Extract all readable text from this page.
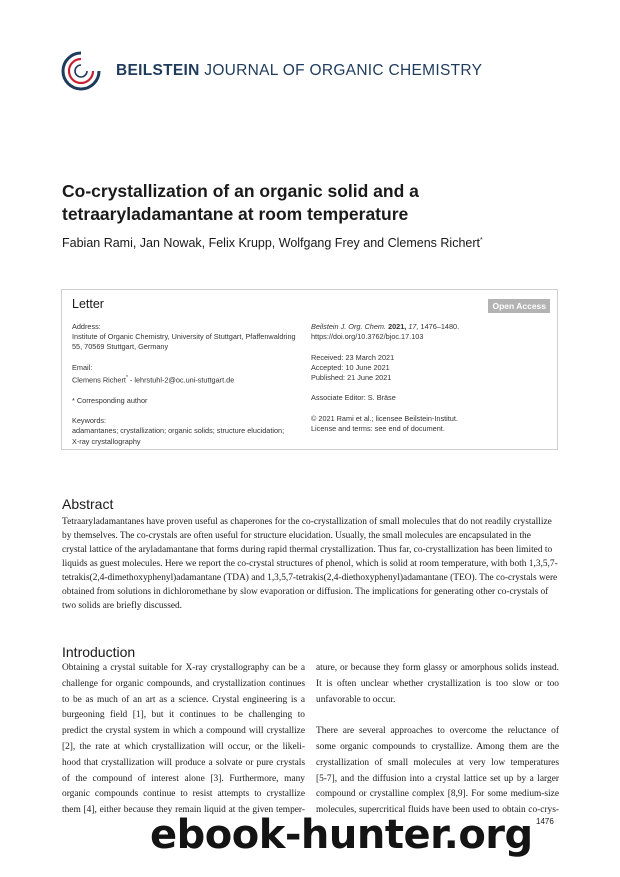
BEILSTEIN JOURNAL OF ORGANIC CHEMISTRY
Co-crystallization of an organic solid and a
tetraaryladamantane at room temperature
Fabian Rami, Jan Nowak, Felix Krupp, Wolfgang Frey and Clemens Richert*
Letter	Open Access
Address:
Institute of Organic Chemistry, University of Stuttgart, Pfaffenwaldring
55, 70569 Stuttgart, Germany
Email:
Clemens Richert* - lehrstuhl-2@oc.uni-stuttgart.de
* Corresponding author
Keywords:
adamantanes; crystallization; organic solids; structure elucidation;
X-ray crystallography
Beilstein J. Org. Chem. 2021, 17, 1476–1480.
https://doi.org/10.3762/bjoc.17.103
Received: 23 March 2021
Accepted: 10 June 2021
Published: 21 June 2021
Associate Editor: S. Bräse
© 2021 Rami et al.; licensee Beilstein-Institut.
License and terms: see end of document.
Abstract
Tetraaryladamantanes have proven useful as chaperones for the co-crystallization of small molecules that do not readily crystallize
by themselves. The co-crystals are often useful for structure elucidation. Usually, the small molecules are encapsulated in the
crystal lattice of the aryladamantane that forms during rapid thermal crystallization. Thus far, co-crystallization has been limited to
liquids as guest molecules. Here we report the co-crystal structures of phenol, which is solid at room temperature, with both 1,3,5,7-
tetrakis(2,4-dimethoxyphenyl)adamantane (TDA) and 1,3,5,7-tetrakis(2,4-diethoxyphenyl)adamantane (TEO). The co-crystals were
obtained from solutions in dichloromethane by slow evaporation or diffusion. The implications for generating other co-crystals of
two solids are briefly discussed.
Introduction
Obtaining a crystal suitable for X-ray crystallography can be a
challenge for organic compounds, and crystallization continues
to be as much of an art as a science. Crystal engineering is a
burgeoning field [1], but it continues to be challenging to
predict the crystal system in which a compound will crystallize
[2], the rate at which crystallization will occur, or the likeli-
hood that crystallization will produce a solvate or pure crystals
of the compound of interest alone [3]. Furthermore, many
organic compounds continue to resist attempts to crystallize
them [4], either because they remain liquid at the given temper-
ature, or because they form glassy or amorphous solids instead.
It is often unclear whether crystallization is too slow or too
unfavorable to occur.
There are several approaches to overcome the reluctance of
some organic compounds to crystallize. Among them are the
crystallization of small molecules at very low temperatures
[5-7], and the diffusion into a crystal lattice set up by a larger
compound or crystalline complex [8,9]. For some medium-size
molecules, supercritical fluids have been used to obtain co-crys-
1476
ebook-hunter.org
